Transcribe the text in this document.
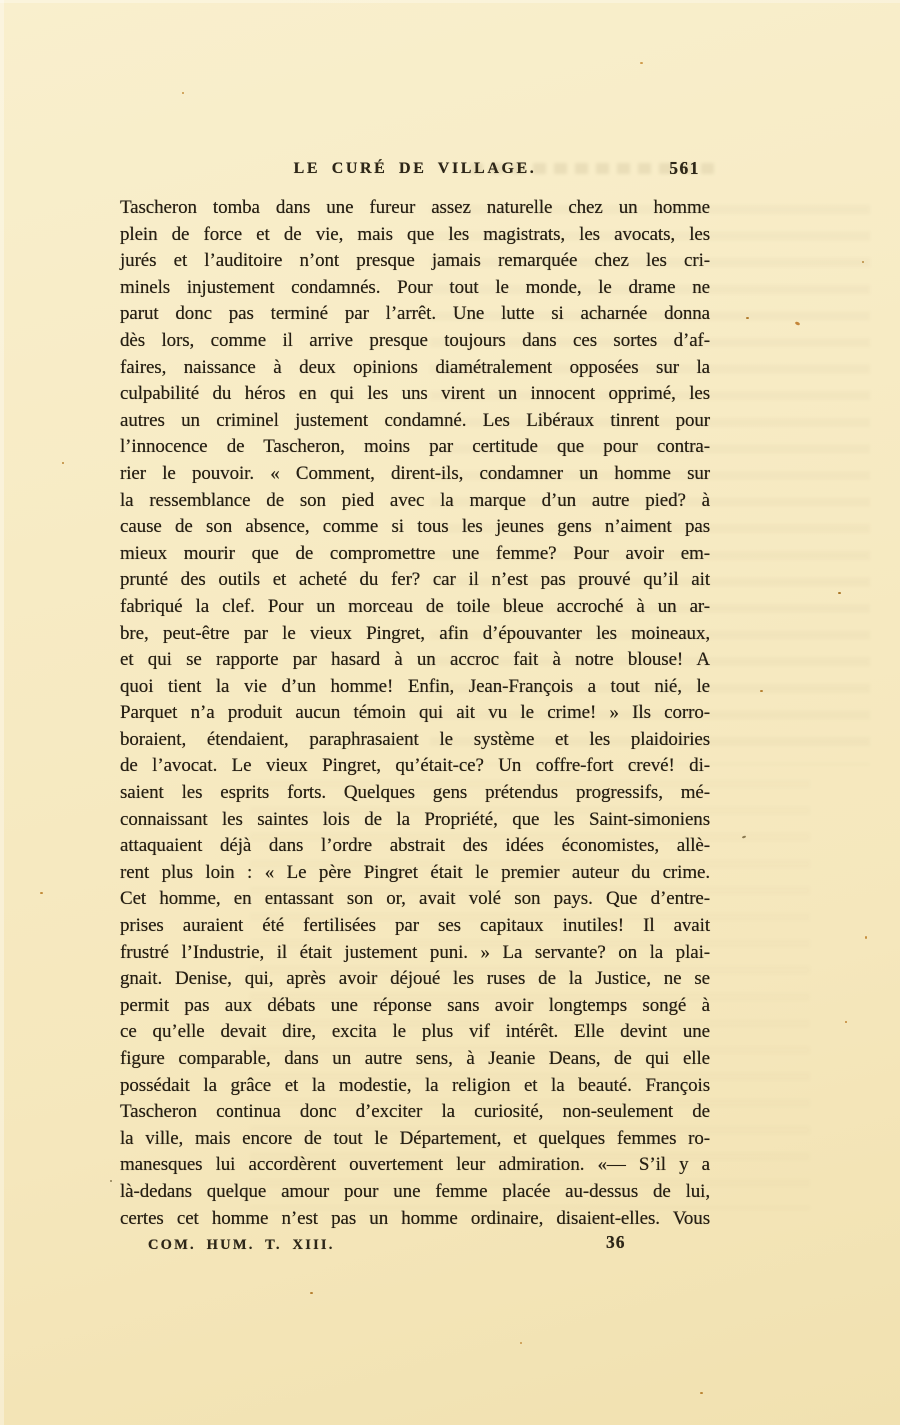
LE CURÉ DE VILLAGE.	561
Tascheron tomba dans une fureur assez naturelle chez un homme
plein de force et de vie, mais que les magistrats, les avocats, les
jurés et l’auditoire n’ont presque jamais remarquée chez les cri-
minels injustement condamnés. Pour tout le monde, le drame ne
parut donc pas terminé par l’arrêt. Une lutte si acharnée donna
dès lors, comme il arrive presque toujours dans ces sortes d’af-
faires, naissance à deux opinions diamétralement opposées sur la
culpabilité du héros en qui les uns virent un innocent opprimé, les
autres un criminel justement condamné. Les Libéraux tinrent pour
l’innocence de Tascheron, moins par certitude que pour contra-
rier le pouvoir. « Comment, dirent-ils, condamner un homme sur
la ressemblance de son pied avec la marque d’un autre pied? à
cause de son absence, comme si tous les jeunes gens n’aiment pas
mieux mourir que de compromettre une femme? Pour avoir em-
prunté des outils et acheté du fer? car il n’est pas prouvé qu’il ait
fabriqué la clef. Pour un morceau de toile bleue accroché à un ar-
bre, peut-être par le vieux Pingret, afin d’épouvanter les moineaux,
et qui se rapporte par hasard à un accroc fait à notre blouse! A
quoi tient la vie d’un homme! Enfin, Jean-François a tout nié, le
Parquet n’a produit aucun témoin qui ait vu le crime! » Ils corro-
boraient, étendaient, paraphrasaient le système et les plaidoiries
de l’avocat. Le vieux Pingret, qu’était-ce? Un coffre-fort crevé! di-
saient les esprits forts. Quelques gens prétendus progressifs, mé-
connaissant les saintes lois de la Propriété, que les Saint-simoniens
attaquaient déjà dans l’ordre abstrait des idées économistes, allè-
rent plus loin : « Le père Pingret était le premier auteur du crime.
Cet homme, en entassant son or, avait volé son pays. Que d’entre-
prises auraient été fertilisées par ses capitaux inutiles! Il avait
frustré l’Industrie, il était justement puni. » La servante? on la plai-
gnait. Denise, qui, après avoir déjoué les ruses de la Justice, ne se
permit pas aux débats une réponse sans avoir longtemps songé à
ce qu’elle devait dire, excita le plus vif intérêt. Elle devint une
figure comparable, dans un autre sens, à Jeanie Deans, de qui elle
possédait la grâce et la modestie, la religion et la beauté. François
Tascheron continua donc d’exciter la curiosité, non-seulement de
la ville, mais encore de tout le Département, et quelques femmes ro-
manesques lui accordèrent ouvertement leur admiration. «— S’il y a
là-dedans quelque amour pour une femme placée au-dessus de lui,
certes cet homme n’est pas un homme ordinaire, disaient-elles. Vous
COM. HUM. T. XIII.	36
